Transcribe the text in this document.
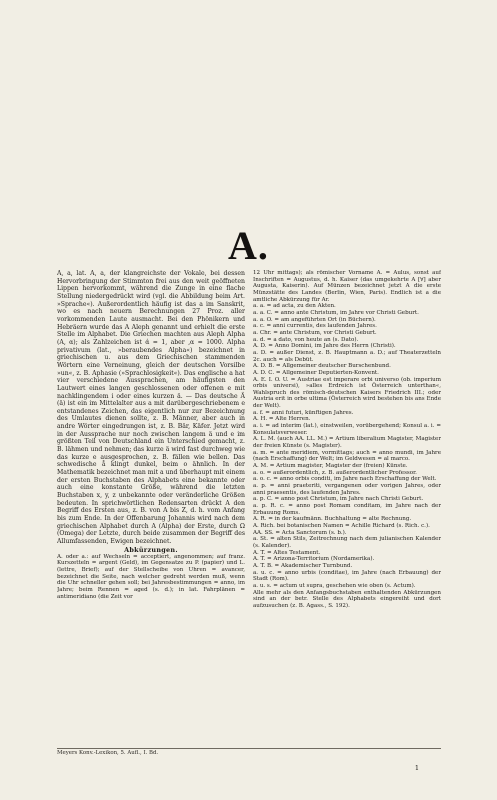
A.

A, a, lat. A, a, der klangreichste der Vokale, bei dessen Hervorbringung der Stimmton frei aus den weit geöffneten Lippen hervorkommt, während die Zunge in eine flache Stellung niedergedrückt wird (vgl. die Abbildung beim Art. »Sprache«). Außerordentlich häufig ist das a im Sanskrit, wo es nach neuern Berechnungen 27 Proz. aller vorkommenden Laute ausmacht. Bei den Phönikern und Hebräern wurde das A Aleph genannt und erhielt die erste Stelle im Alphabet. Die Griechen machten aus Aleph Alpha (A, α); als Zahlzeichen ist ά = 1, aber ‚α = 1000. Alpha privativum (lat., »beraubendes Alpha«) bezeichnet in griechischen u. aus dem Griechischen stammenden Wörtern eine Verneinung, gleich der deutschen Vorsilbe »un«, z. B. Aphasie (»Sprachlosigkeit«). Das englische a hat vier verschiedene Aussprachen, am häufigsten den Lautwert eines langen geschlossenen oder offenen e mit nachklingendem i oder eines kurzen ä. — Das deutsche Ä (ä) ist ein im Mittelalter aus a mit darübergeschriebenem e entstandenes Zeichen, das eigentlich nur zur Bezeichnung des Umlautes dienen sollte, z. B. Männer, aber auch in andre Wörter eingedrungen ist, z. B. Bär, Käfer. Jetzt wird in der Aussprache nur noch zwischen langem ä und e im größten Teil von Deutschland ein Unterschied gemacht, z. B. lähmen und nehmen; das kurze ä wird fast durchweg wie das kurze e ausgesprochen, z. B. fällen wie bellen. Das schwedische å klingt dunkel, beim o ähnlich. In der Mathematik bezeichnet man mit a und überhaupt mit einem der ersten Buchstaben des Alphabets eine bekannte oder auch eine konstante Größe, während die letzten Buchstaben x, y, z unbekannte oder veränderliche Größen bedeuten. In sprichwörtlichen Redensarten drückt A den Begriff des Ersten aus, z. B. von A bis Z, d. h. vom Anfang bis zum Ende. In der Offenbarung Johannis wird nach dem griechischen Alphabet durch A (Alpha) der Erste, durch Ω (Omega) der Letzte, durch beide zusammen der Begriff des Allumfassenden, Ewigen bezeichnet.

Abkürzungen.

A. oder a.: auf Wechseln = acceptiert, angenommen; auf franz. Kurszetteln = argent (Geld), im Gegensatze zu P. (papier) und L. (lettre, Brief); auf der Stellscheibe von Uhren = avancer, bezeichnet die Seite, nach welcher gedreht werden muß, wenn die Uhr schneller gehen soll; bei Jahresbestimmungen = anno, im Jahre; beim Rennen = aged (s. d.); in lat. Fahrplänen = antimeridiano (die Zeit vor

12 Uhr mittags); als römischer Vorname A. = Aulus, sonst auf Inschriften = Augustus, d. h. Kaiser (das umgekehrte A [∀] aber Augusta, Kaiserin). Auf Münzen bezeichnet jetzt A die erste Münzstätte des Landes (Berlin, Wien, Paris). Endlich ist a die amtliche Abkürzung für Ar.

a. a. = ad acta, zu den Akten.

a. a. C. = anno ante Christum, im Jahre vor Christi Geburt.

a. a. O. = am angeführten Ort (in Büchern).

a. c. = anni currentis, des laufenden Jahres.

a. Chr. = ante Christum, vor Christi Geburt.

a. d. = a dato, von heute an (s. Dato).

A. D. = Anno Domini, im Jahre des Herrn (Christi).

a. D. = außer Dienst, z. B. Hauptmann a. D.; auf Theaterzetteln 2c. auch = als Debüt.

A. D. B. = Allgemeiner deutscher Burschenbund.

A. D. C. = Allgemeiner Deputierten-Konvent.

A. E. I. O. U. = Austriae est imperare orbi universo (ob. imperium orbis universi), »alles Erdreich ist Österreich unterthan«, Wahlspruch des römisch-deutschen Kaisers Friedrich III.; oder Austria erit in orbe ultima (Österreich wird bestehen bis ans Ende der Welt).

a. f. = anni futuri, künftigen Jahres.

A. H. = Alte Herren.

a. i. = ad interim (lat.), einstweilen, vorübergehend; Konsul a. i. = Konsulatsverweser.

A. L. M. (auch AA. LL. M.) = Artium liberalium Magister, Magister der freien Künste (s. Magister).

a. m. = ante meridiem, vormittags; auch = anno mundi, im Jahre (nach Erschaffung) der Welt; im Geldwesen = al marco.

A. M. = Artium magister, Magister der (freien) Künste.

a. o. = außerordentlich, z. B. außerordentlicher Professor.

a. o. c. = anno orbis conditi, im Jahre nach Erschaffung der Welt.

a. p. = anni praeteriti, vergangenen oder vorigen Jahres, oder anni praesentis, des laufenden Jahres.

a. p. C. = anno post Christum, im Jahre nach Christi Geburt.

a. p. R. c. = anno post Romam conditam, im Jahre nach der Erbauung Roms.

A. R. = in der kaufmänn. Buchhaltung = alte Rechnung.

A. Rich. bei botanischen Namen = Achille Richard (s. Rich. c.).

AA. SS. = Acta Sanctorum (s. b.).

a. St. = alten Stils, Zeitrechnung nach dem julianischen Kalender (s. Kalender).

A. T. = Altes Testament.

A. T. = Arizona-Territorium (Nordamerika).

A. T. B. = Akademischer Turnbund.

a. u. c. = anno urbis (conditae), im Jahre (nach Erbauung) der Stadt (Rom).

a. u. s. = actum ut supra, geschehen wie oben (s. Actum).

Alle mehr als den Anfangsbuchstaben enthaltenden Abkürzungen sind an der betr. Stelle des Alphabets eingereiht und dort aufzusuchen (z. B. Agass., S. 192).

Meyers Konv.-Lexikon, 5. Aufl., I. Bd.
1
